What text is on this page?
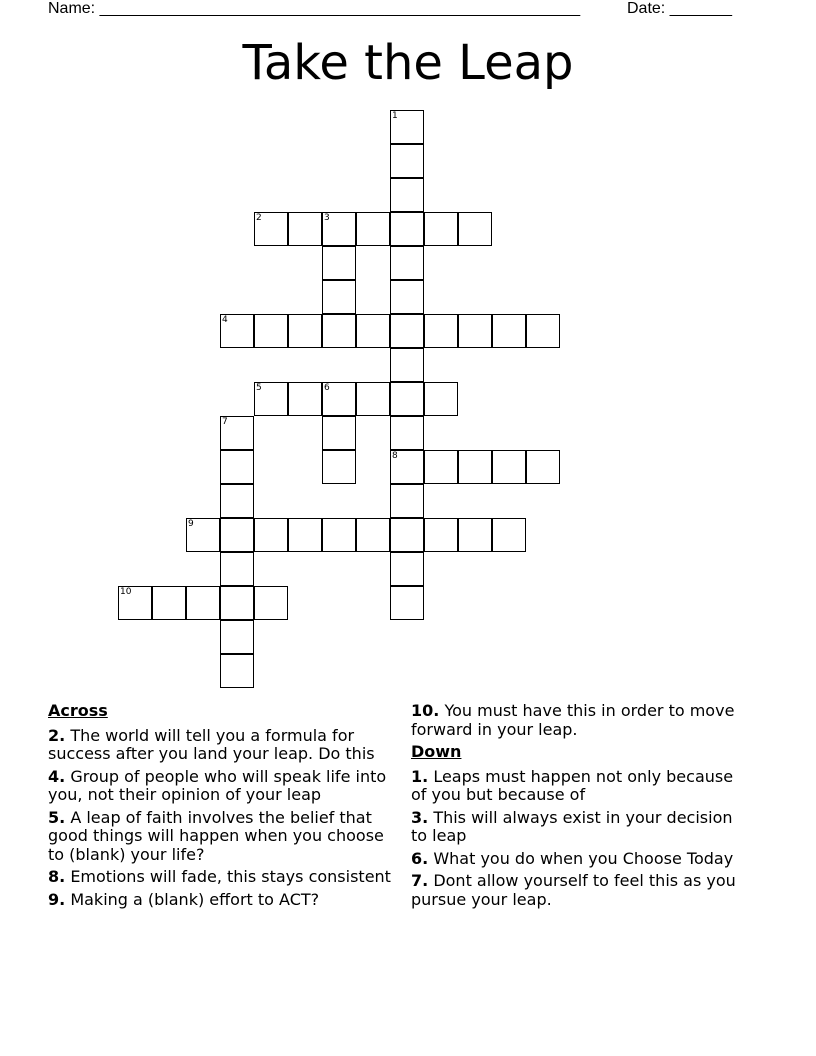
Name: ______________________________________________________	Date: _______
Take the Leap
1
2	3
4
5	6
7
8
9
10
Across
2. The world will tell you a formula for success after you land your leap. Do this
4. Group of people who will speak life into you, not their opinion of your leap
5. A leap of faith involves the belief that good things will happen when you choose to (blank) your life?
8. Emotions will fade, this stays consistent
9. Making a (blank) effort to ACT?
10. You must have this in order to move forward in your leap.
Down
1. Leaps must happen not only because of you but because of
3. This will always exist in your decision to leap
6. What you do when you Choose Today
7. Dont allow yourself to feel this as you pursue your leap.
